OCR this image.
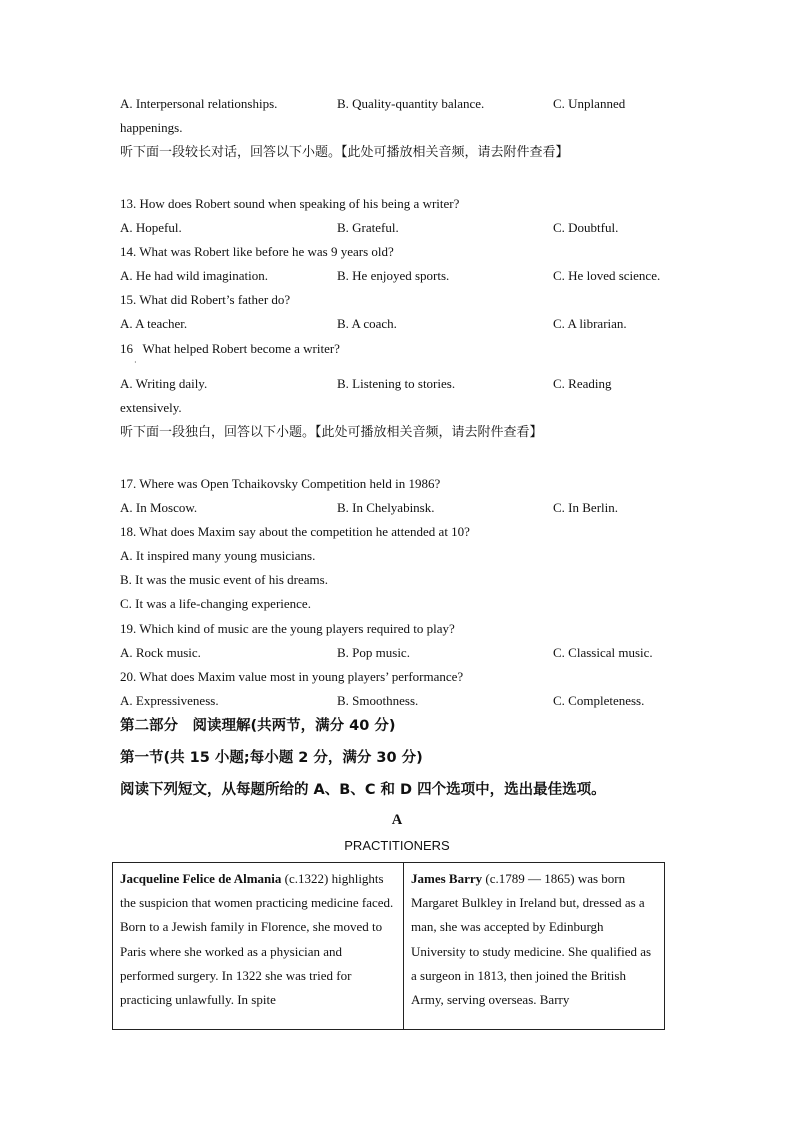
A. Interpersonal relationships.	B. Quality-quantity balance.	C. Unplanned
happenings.
听下面一段较长对话，回答以下小题。【此处可播放相关音频，请去附件查看】
13. How does Robert sound when speaking of his being a writer?
A. Hopeful.	B. Grateful.	C. Doubtful.
14. What was Robert like before he was 9 years old?
A. He had wild imagination.	B. He enjoyed sports.	C. He loved science.
15. What did Robert’s father do?
A. A teacher.	B. A coach.	C. A librarian.
16   What helped Robert become a writer?
·
A. Writing daily.	B. Listening to stories.	C. Reading
extensively.
听下面一段独白，回答以下小题。【此处可播放相关音频，请去附件查看】
17. Where was Open Tchaikovsky Competition held in 1986?
A. In Moscow.	B. In Chelyabinsk.	C. In Berlin.
18. What does Maxim say about the competition he attended at 10?
A. It inspired many young musicians.
B. It was the music event of his dreams.
C. It was a life-changing experience.
19. Which kind of music are the young players required to play?
A. Rock music.	B. Pop music.	C. Classical music.
20. What does Maxim value most in young players’ performance?
A. Expressiveness.	B. Smoothness.	C. Completeness.
第二部分　阅读理解(共两节，满分 40 分)
第一节(共 15 小题;每小题 2 分，满分 30 分)
阅读下列短文，从每题所给的 A、B、C 和 D 四个选项中，选出最佳选项。
A
PRACTITIONERS
Jacqueline Felice de Almania (c.1322) highlights the suspicion that women practicing medicine faced. Born to a Jewish family in Florence, she moved to Paris where she worked as a physician and performed surgery. In 1322 she was tried for practicing unlawfully. In spite	James Barry (c.1789 — 1865) was born Margaret Bulkley in Ireland but, dressed as a man, she was accepted by Edinburgh University to study medicine. She qualified as a surgeon in 1813, then joined the British Army, serving overseas. Barry
